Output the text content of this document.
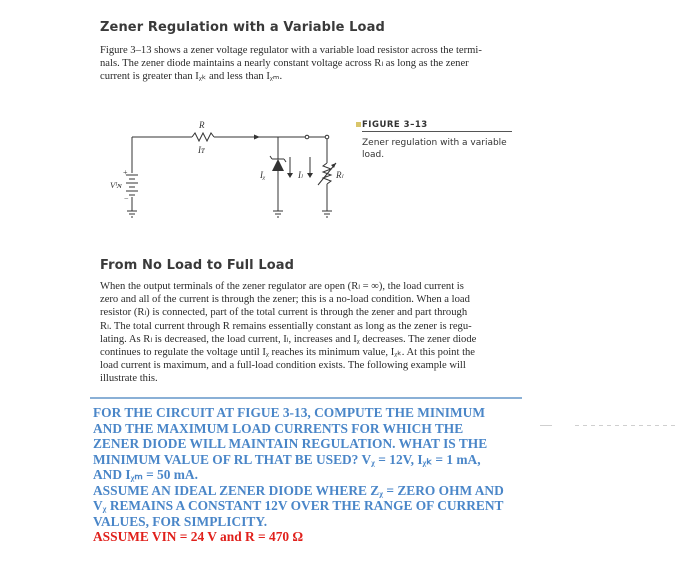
Zener Regulation with a Variable Load
Figure 3–13 shows a zener voltage regulator with a variable load resistor across the termi-
nals. The zener diode maintains a nearly constant voltage across Rₗ as long as the zener
current is greater than Iᵪₖ and less than Iᵪₘ.
R
Iᴛ
Vᴵɴ
+
−
Iᵪ	Iₗ	Rₗ
FIGURE 3–13
Zener regulation with a variable
load.
From No Load to Full Load
When the output terminals of the zener regulator are open (Rₗ = ∞), the load current is
zero and all of the current is through the zener; this is a no-load condition. When a load
resistor (Rₗ) is connected, part of the total current is through the zener and part through
Rₗ. The total current through R remains essentially constant as long as the zener is regu-
lating. As Rₗ is decreased, the load current, Iₗ, increases and Iᵪ decreases. The zener diode
continues to regulate the voltage until Iᵪ reaches its minimum value, Iᵪₖ. At this point the
load current is maximum, and a full-load condition exists. The following example will
illustrate this.
FOR THE CIRCUIT AT FIGUE 3-13, COMPUTE THE MINIMUM
AND THE MAXIMUM LOAD CURRENTS FOR WHICH THE
ZENER DIODE WILL MAINTAIN REGULATION. WHAT IS THE
MINIMUM VALUE OF RL THAT BE USED? Vᵪ = 12V, Iᵪₖ = 1 mA,
AND Iᵪₘ = 50 mA.
ASSUME AN IDEAL ZENER DIODE WHERE Zᵪ = ZERO OHM AND
Vᵪ REMAINS A CONSTANT 12V OVER THE RANGE OF CURRENT
VALUES, FOR SIMPLICITY.
ASSUME VIN = 24 V and R = 470 Ω
